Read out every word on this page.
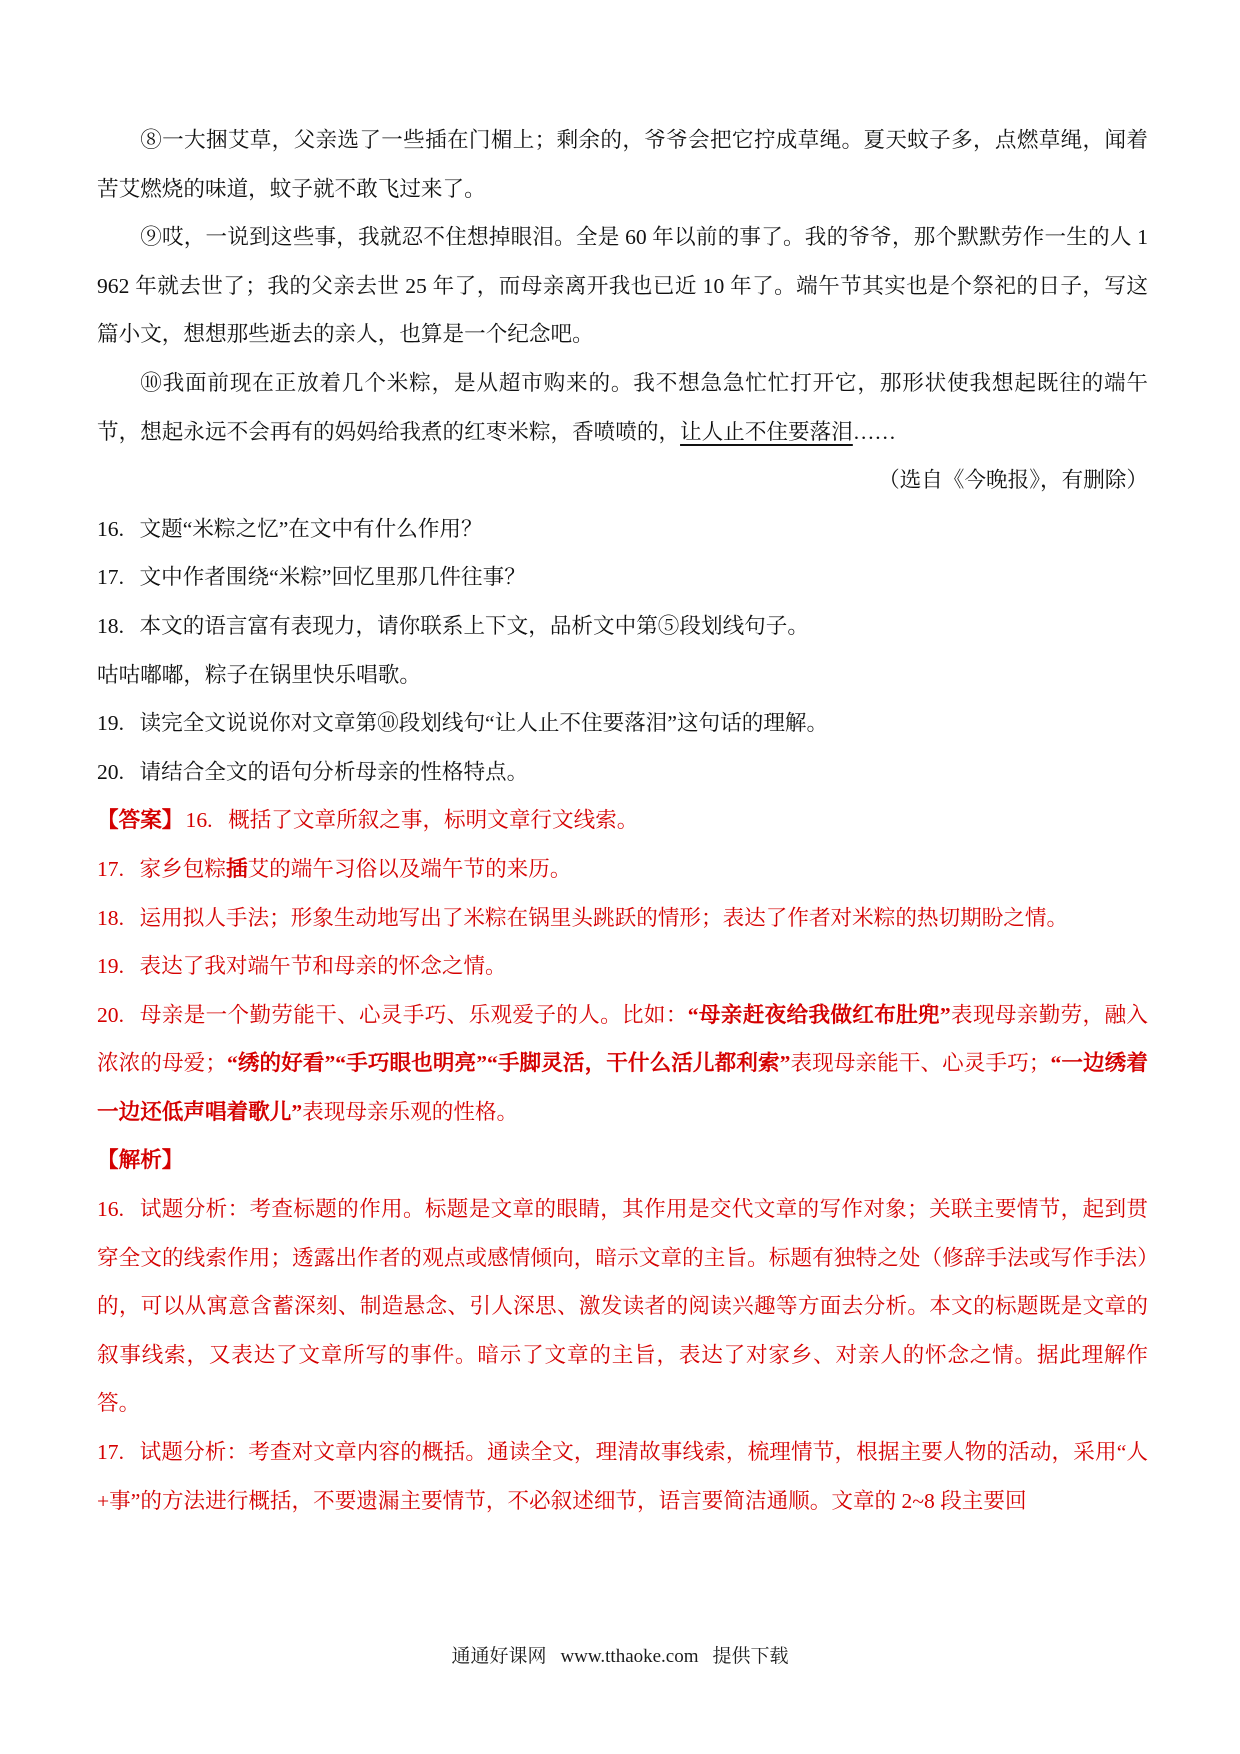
⑧一大捆艾草，父亲选了一些插在门楣上；剩余的，爷爷会把它拧成草绳。夏天蚊子多，点燃草绳，闻着苦艾燃烧的味道，蚊子就不敢飞过来了。

⑨哎，一说到这些事，我就忍不住想掉眼泪。全是 60 年以前的事了。我的爷爷，那个默默劳作一生的人 1962 年就去世了；我的父亲去世 25 年了，而母亲离开我也已近 10 年了。端午节其实也是个祭祀的日子，写这篇小文，想想那些逝去的亲人，也算是一个纪念吧。

⑩我面前现在正放着几个米粽，是从超市购来的。我不想急急忙忙打开它，那形状使我想起既往的端午节，想起永远不会再有的妈妈给我煮的红枣米粽，香喷喷的，让人止不住要落泪……

（选自《今晚报》，有删除）

16. 文题“米粽之忆”在文中有什么作用？

17. 文中作者围绕“米粽”回忆里那几件往事？

18. 本文的语言富有表现力，请你联系上下文，品析文中第⑤段划线句子。

咕咕嘟嘟，粽子在锅里快乐唱歌。

19. 读完全文说说你对文章第⑩段划线句“让人止不住要落泪”这句话的理解。

20. 请结合全文的语句分析母亲的性格特点。

【答案】16. 概括了文章所叙之事，标明文章行文线索。

17. 家乡包粽插艾的端午习俗以及端午节的来历。

18. 运用拟人手法；形象生动地写出了米粽在锅里头跳跃的情形；表达了作者对米粽的热切期盼之情。

19. 表达了我对端午节和母亲的怀念之情。

20. 母亲是一个勤劳能干、心灵手巧、乐观爱子的人。比如：“母亲赶夜给我做红布肚兜”表现母亲勤劳，融入浓浓的母爱；“绣的好看”“手巧眼也明亮”“手脚灵活，干什么活儿都利索”表现母亲能干、心灵手巧；“一边绣着一边还低声唱着歌儿”表现母亲乐观的性格。

【解析】

16. 试题分析：考查标题的作用。标题是文章的眼睛，其作用是交代文章的写作对象；关联主要情节，起到贯穿全文的线索作用；透露出作者的观点或感情倾向，暗示文章的主旨。标题有独特之处（修辞手法或写作手法）的，可以从寓意含蓄深刻、制造悬念、引人深思、激发读者的阅读兴趣等方面去分析。本文的标题既是文章的叙事线索，又表达了文章所写的事件。暗示了文章的主旨，表达了对家乡、对亲人的怀念之情。据此理解作答。

17. 试题分析：考查对文章内容的概括。通读全文，理清故事线索，梳理情节，根据主要人物的活动，采用“人+事”的方法进行概括，不要遗漏主要情节，不必叙述细节，语言要简洁通顺。文章的 2~8 段主要回

通通好课网 www.tthaoke.com 提供下载
